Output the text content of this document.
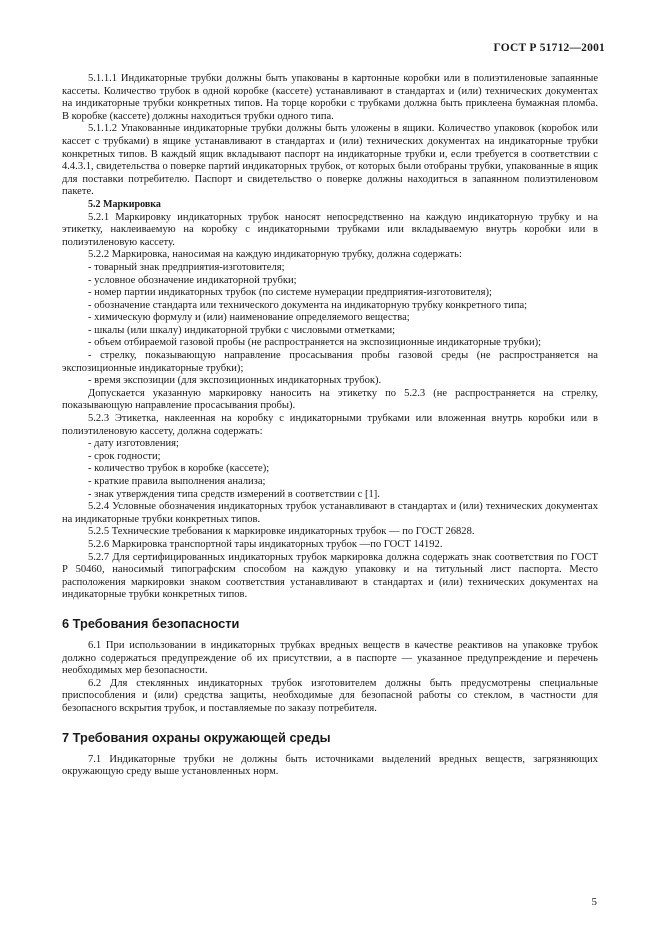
ГОСТ Р 51712—2001

5.1.1.1 Индикаторные трубки должны быть упакованы в картонные коробки или в полиэтиленовые запаянные кассеты. Количество трубок в одной коробке (кассете) устанавливают в стандартах и (или) технических документах на индикаторные трубки конкретных типов. На торце коробки с трубками должна быть приклеена бумажная пломба. В коробке (кассете) должны находиться трубки одного типа.

5.1.1.2 Упакованные индикаторные трубки должны быть уложены в ящики. Количество упаковок (коробок или кассет с трубками) в ящике устанавливают в стандартах и (или) технических документах на индикаторные трубки конкретных типов. В каждый ящик вкладывают паспорт на индикаторные трубки и, если требуется в соответствии с 4.4.3.1, свидетельства о поверке партий индикаторных трубок, от которых были отобраны трубки, упакованные в ящик для поставки потребителю. Паспорт и свидетельство о поверке должны находиться в запаянном полиэтиленовом пакете.

5.2 Маркировка

5.2.1 Маркировку индикаторных трубок наносят непосредственно на каждую индикаторную трубку и на этикетку, наклеиваемую на коробку с индикаторными трубками или вкладываемую внутрь коробки или в полиэтиленовую кассету.

5.2.2 Маркировка, наносимая на каждую индикаторную трубку, должна содержать:

- товарный знак предприятия-изготовителя;

- условное обозначение индикаторной трубки;

- номер партии индикаторных трубок (по системе нумерации предприятия-изготовителя);

- обозначение стандарта или технического документа на индикаторную трубку конкретного типа;

- химическую формулу и (или) наименование определяемого вещества;

- шкалы (или шкалу) индикаторной трубки с числовыми отметками;

- объем отбираемой газовой пробы (не распространяется на экспозиционные индикаторные трубки);

- стрелку, показывающую направление просасывания пробы газовой среды (не распространяется на экспозиционные индикаторные трубки);

- время экспозиции (для экспозиционных индикаторных трубок).

Допускается указанную маркировку наносить на этикетку по 5.2.3 (не распространяется на стрелку, показывающую направление просасывания пробы).

5.2.3 Этикетка, наклеенная на коробку с индикаторными трубками или вложенная внутрь коробки или в полиэтиленовую кассету, должна содержать:

- дату изготовления;

- срок годности;

- количество трубок в коробке (кассете);

- краткие правила выполнения анализа;

- знак утверждения типа средств измерений в соответствии с [1].

5.2.4 Условные обозначения индикаторных трубок устанавливают в стандартах и (или) технических документах на индикаторные трубки конкретных типов.

5.2.5 Технические требования к маркировке индикаторных трубок — по ГОСТ 26828.

5.2.6 Маркировка транспортной тары индикаторных трубок —по ГОСТ 14192.

5.2.7 Для сертифицированных индикаторных трубок маркировка должна содержать знак соответствия по ГОСТ Р 50460, наносимый типографским способом на каждую упаковку и на титульный лист паспорта. Место расположения маркировки знаком соответствия устанавливают в стандартах и (или) технических документах на индикаторные трубки конкретных типов.

6 Требования безопасности

6.1 При использовании в индикаторных трубках вредных веществ в качестве реактивов на упаковке трубок должно содержаться предупреждение об их присутствии, а в паспорте — указанное предупреждение и перечень необходимых мер безопасности.

6.2 Для стеклянных индикаторных трубок изготовителем должны быть предусмотрены специальные приспособления и (или) средства защиты, необходимые для безопасной работы со стеклом, в частности для безопасного вскрытия трубок, и поставляемые по заказу потребителя.

7 Требования охраны окружающей среды

7.1 Индикаторные трубки не должны быть источниками выделений вредных веществ, загрязняющих окружающую среду выше установленных норм.

5
